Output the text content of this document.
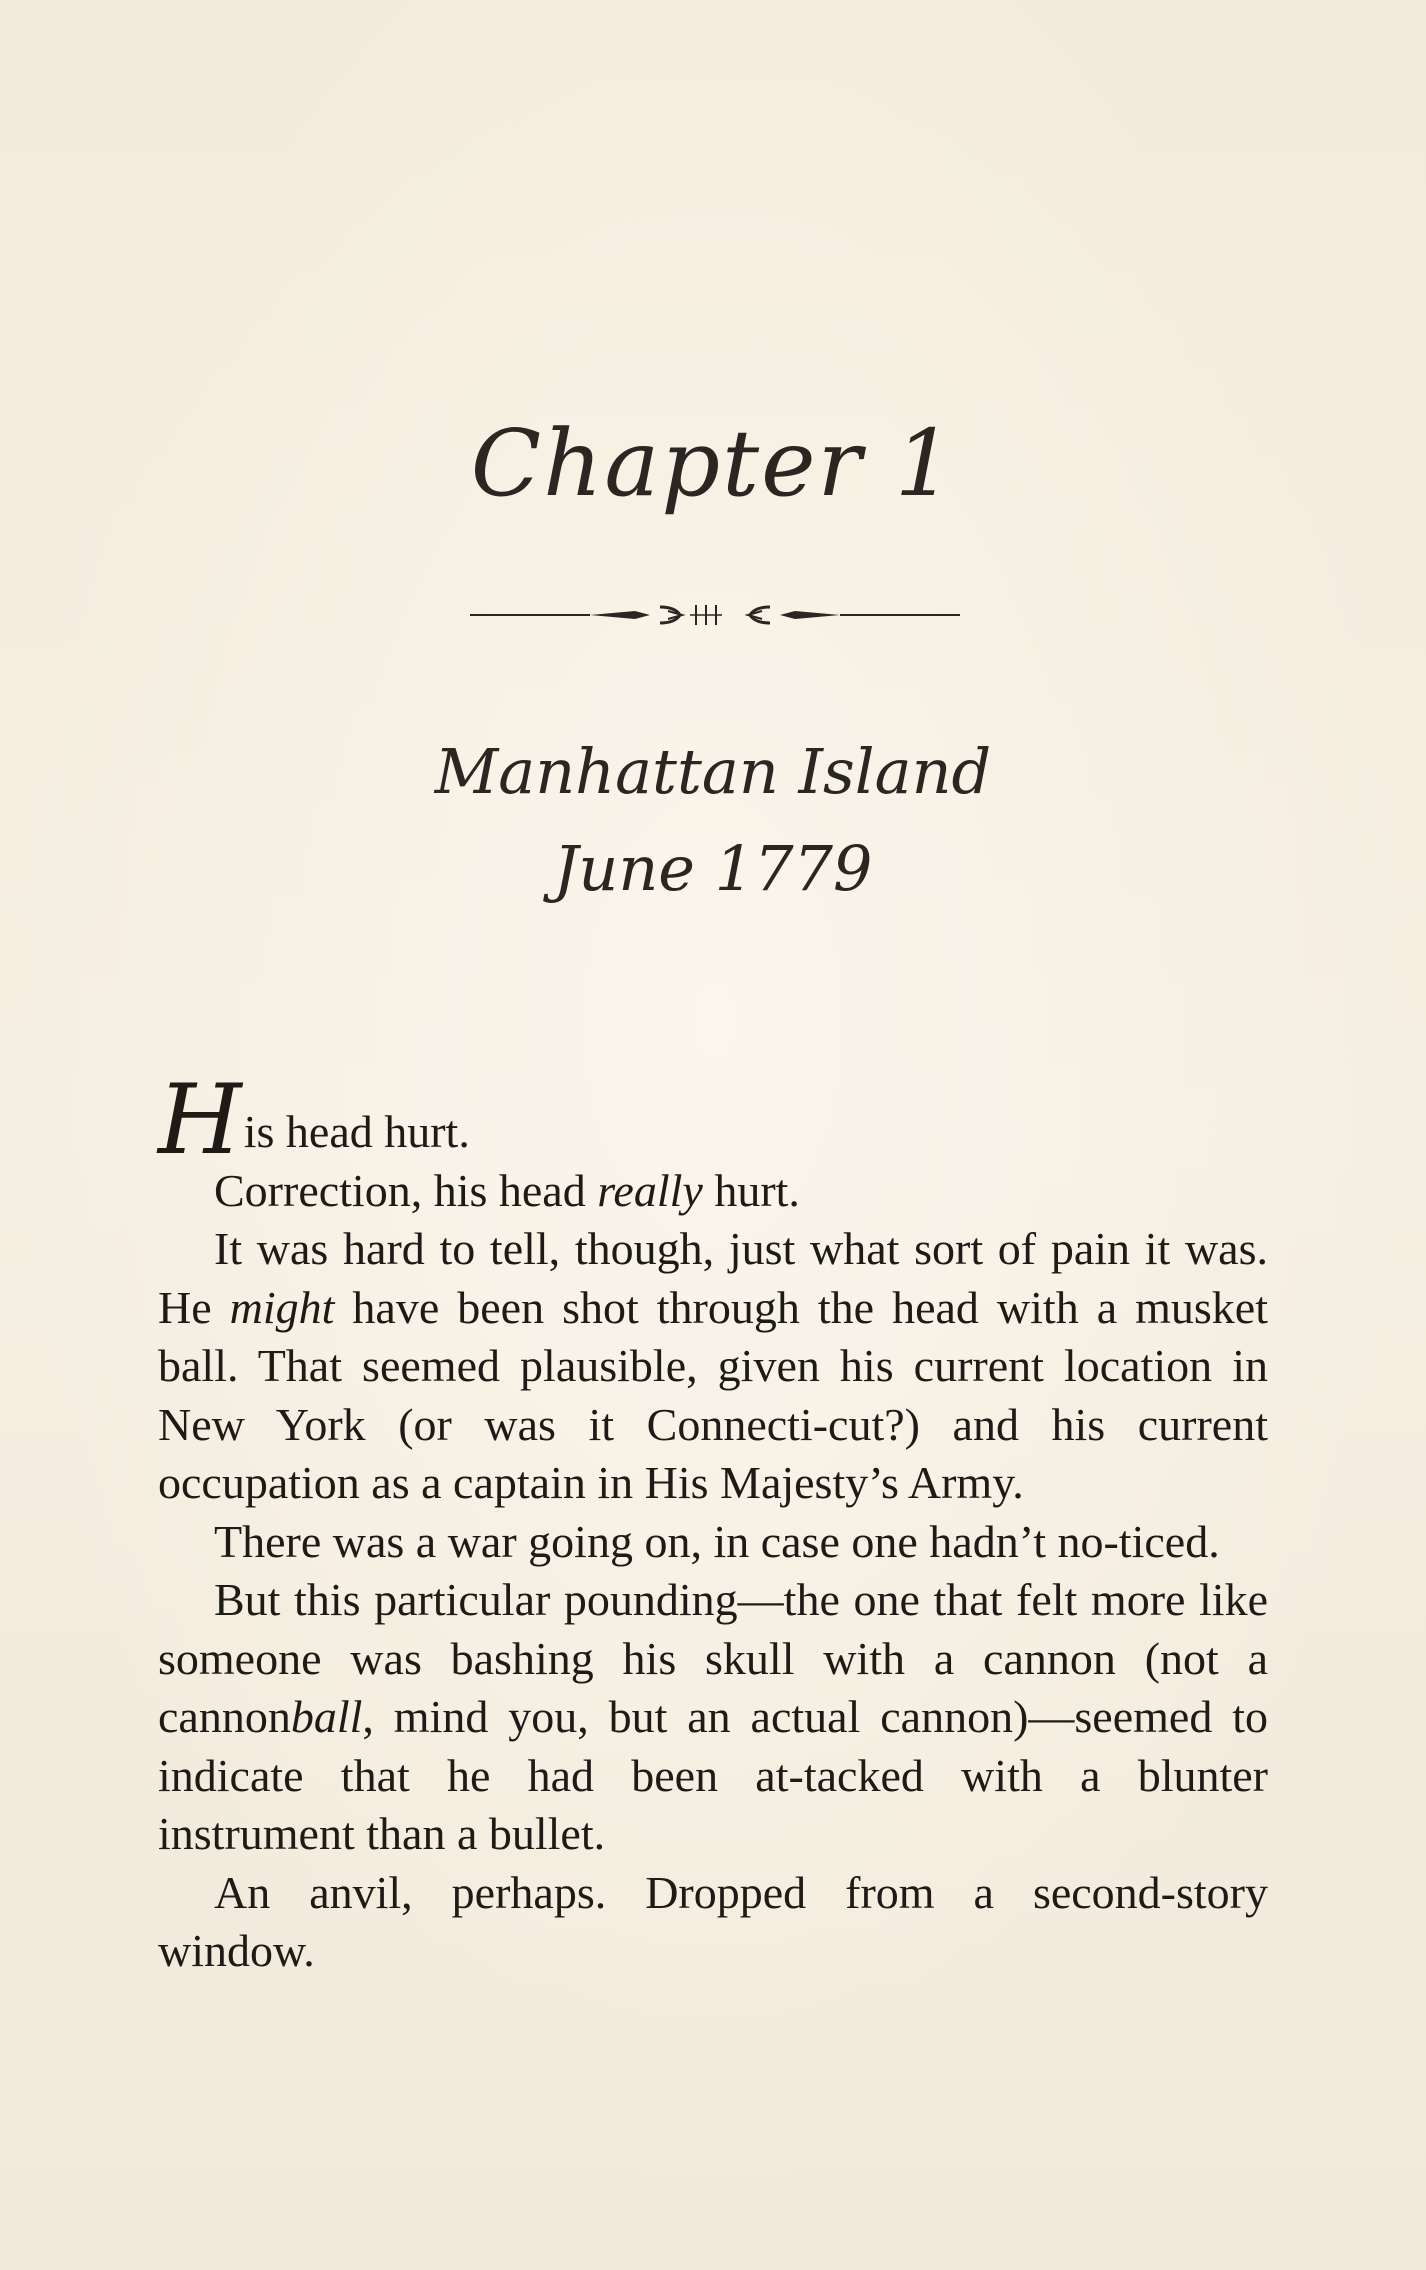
Chapter 1
Manhattan Island
June 1779

His head hurt.

Correction, his head really hurt.

It was hard to tell, though, just what sort of pain it was. He might have been shot through the head with a musket ball. That seemed plausible, given his current location in New York (or was it Connecti-cut?) and his current occupation as a captain in His Majesty’s Army.

There was a war going on, in case one hadn’t no-ticed.

But this particular pounding—the one that felt more like someone was bashing his skull with a cannon (not a cannonball, mind you, but an actual cannon)—seemed to indicate that he had been at-tacked with a blunter instrument than a bullet.

An anvil, perhaps. Dropped from a second-story window.
